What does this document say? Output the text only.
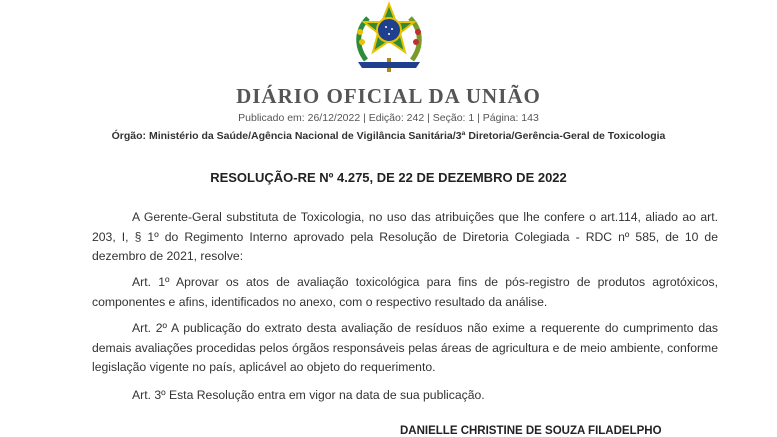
DIÁRIO OFICIAL DA UNIÃO
Publicado em: 26/12/2022 | Edição: 242 | Seção: 1 | Página: 143
Órgão: Ministério da Saúde/Agência Nacional de Vigilância Sanitária/3ª Diretoria/Gerência-Geral de Toxicologia
RESOLUÇÃO-RE Nº 4.275, DE 22 DE DEZEMBRO DE 2022

A Gerente-Geral substituta de Toxicologia, no uso das atribuições que lhe confere o art.114, aliado ao art. 203, I, § 1º do Regimento Interno aprovado pela Resolução de Diretoria Colegiada - RDC nº 585, de 10 de dezembro de 2021, resolve:

Art. 1º Aprovar os atos de avaliação toxicológica para fins de pós-registro de produtos agrotóxicos, componentes e afins, identificados no anexo, com o respectivo resultado da análise.

Art. 2º A publicação do extrato desta avaliação de resíduos não exime a requerente do cumprimento das demais avaliações procedidas pelos órgãos responsáveis pelas áreas de agricultura e de meio ambiente, conforme legislação vigente no país, aplicável ao objeto do requerimento.

Art. 3º Esta Resolução entra em vigor na data de sua publicação.

DANIELLE CHRISTINE DE SOUZA FILADELPHO
